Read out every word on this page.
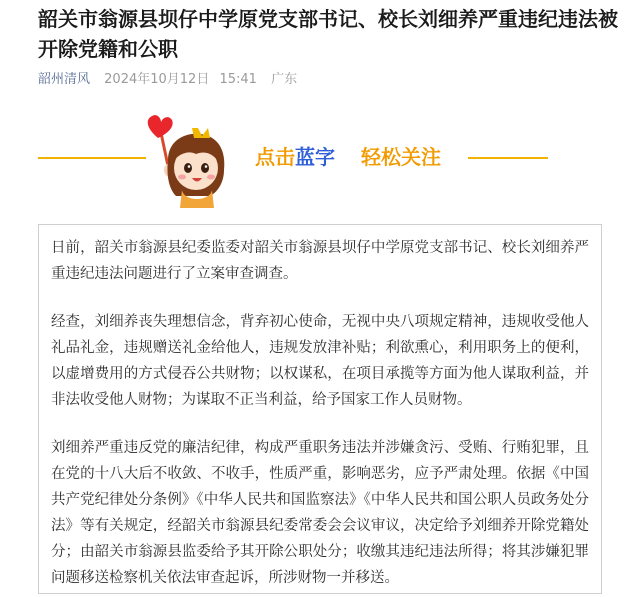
韶关市翁源县坝仔中学原党支部书记、校长刘细养严重违纪违法被开除党籍和公职
韶州清风 2024年10月12日 15:41 广东
点击蓝字 轻松关注

日前，韶关市翁源县纪委监委对韶关市翁源县坝仔中学原党支部书记、校长刘细养严重违纪违法问题进行了立案审查调查。

经查，刘细养丧失理想信念，背弃初心使命，无视中央八项规定精神，违规收受他人礼品礼金，违规赠送礼金给他人，违规发放津补贴；利欲熏心，利用职务上的便利，以虚增费用的方式侵吞公共财物；以权谋私，在项目承揽等方面为他人谋取利益，并非法收受他人财物；为谋取不正当利益，给予国家工作人员财物。

刘细养严重违反党的廉洁纪律，构成严重职务违法并涉嫌贪污、受贿、行贿犯罪，且在党的十八大后不收敛、不收手，性质严重，影响恶劣，应予严肃处理。依据《中国共产党纪律处分条例》《中华人民共和国监察法》《中华人民共和国公职人员政务处分法》等有关规定，经韶关市翁源县纪委常委会会议审议，决定给予刘细养开除党籍处分；由韶关市翁源县监委给予其开除公职处分；收缴其违纪违法所得；将其涉嫌犯罪问题移送检察机关依法审查起诉，所涉财物一并移送。
